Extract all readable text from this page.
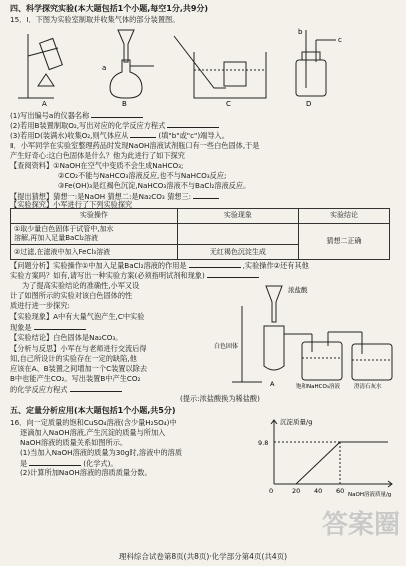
四、科学探究实验(本大题包括1个小题,每空1分,共9分)
15．Ⅰ．下图为实验室制取并收集气体的部分装置图。
A
a
B	C
b
c
D
(1)写出编号a的仪器名称
(2)若用B装置制取O₂,写出对应的化学反应方程式
(3)若用D(装满水)收集O₂,则气体应从	(填"b"或"c")端导入。
Ⅱ．小军同学在实验室整理药品时发现NaOH溶液试剂瓶口有一些白色固体,于是
产生好奇心:这白色固体是什么？他为此进行了如下探究
【查阅资料】①NaOH在空气中变质不会生成NaHCO₃;
②CO₂不能与NaHCO₃溶液反应,也不与NaHCO₃反应;
③Fe(OH)₃是红褐色沉淀,NaHCO₃溶液不与BaCl₂溶液反应。
【提出猜想】猜想一:是NaOH 猜想二:是Na₂CO₃ 猜想三:
【实验探究】小军进行了下列实验探究
实验操作	实验现象	实验结论

①取少量白色固体于试管中,加水
溶解,再加入足量BaCl₂溶液		猜想二正确
②过滤,在滤液中加入FeCl₃溶液	无红褐色沉淀生成	
【问题分析】实验操作①中加入足量BaCl₂溶液的作用是	,实验操作②还有其他
实验方案吗？如有,请写出一种实验方案(必须指明试剂和现象)
为了提高实验结论的准确性,小军又设
计了如图所示的实验对该白色固体的性
质进行进一步探究:
【实验现象】A中有大量气泡产生,C中实验
现象是
【实验结论】白色固体是Na₂CO₃。
【分析与反思】小军在与老师进行交流后得
知,自己所设计的实验存在一定的缺陷,他
应该在A、B装置之间增加一个C装置以除去
B中也能产生CO₂。写出装置B中产生CO₂
的化学反应方程式
(提示:浓盐酸换为稀盐酸)
浓盐酸
白色固体
A	饱和NaHCO₃溶液	澄清石灰水
五、定量分析应用(本大题包括1个小题,共5分)
16．向一定质量的饱和CuSO₄溶液(含少量H₂SO₄)中
逐滴加入NaOH溶液,产生沉淀的质量与所加入
NaOH溶液的质量关系如图所示。
(1)当加入NaOH溶液的质量为30g时,溶液中的溶质
是	(化学式)。
(2)计算所加NaOH溶液的溶质质量分数。
沉淀质量/g
9.8
0	20 40 60 NaOH溶液质量/g
答案圈
理科综合试卷第8页(共8页)·化学部分第4页(共4页)
